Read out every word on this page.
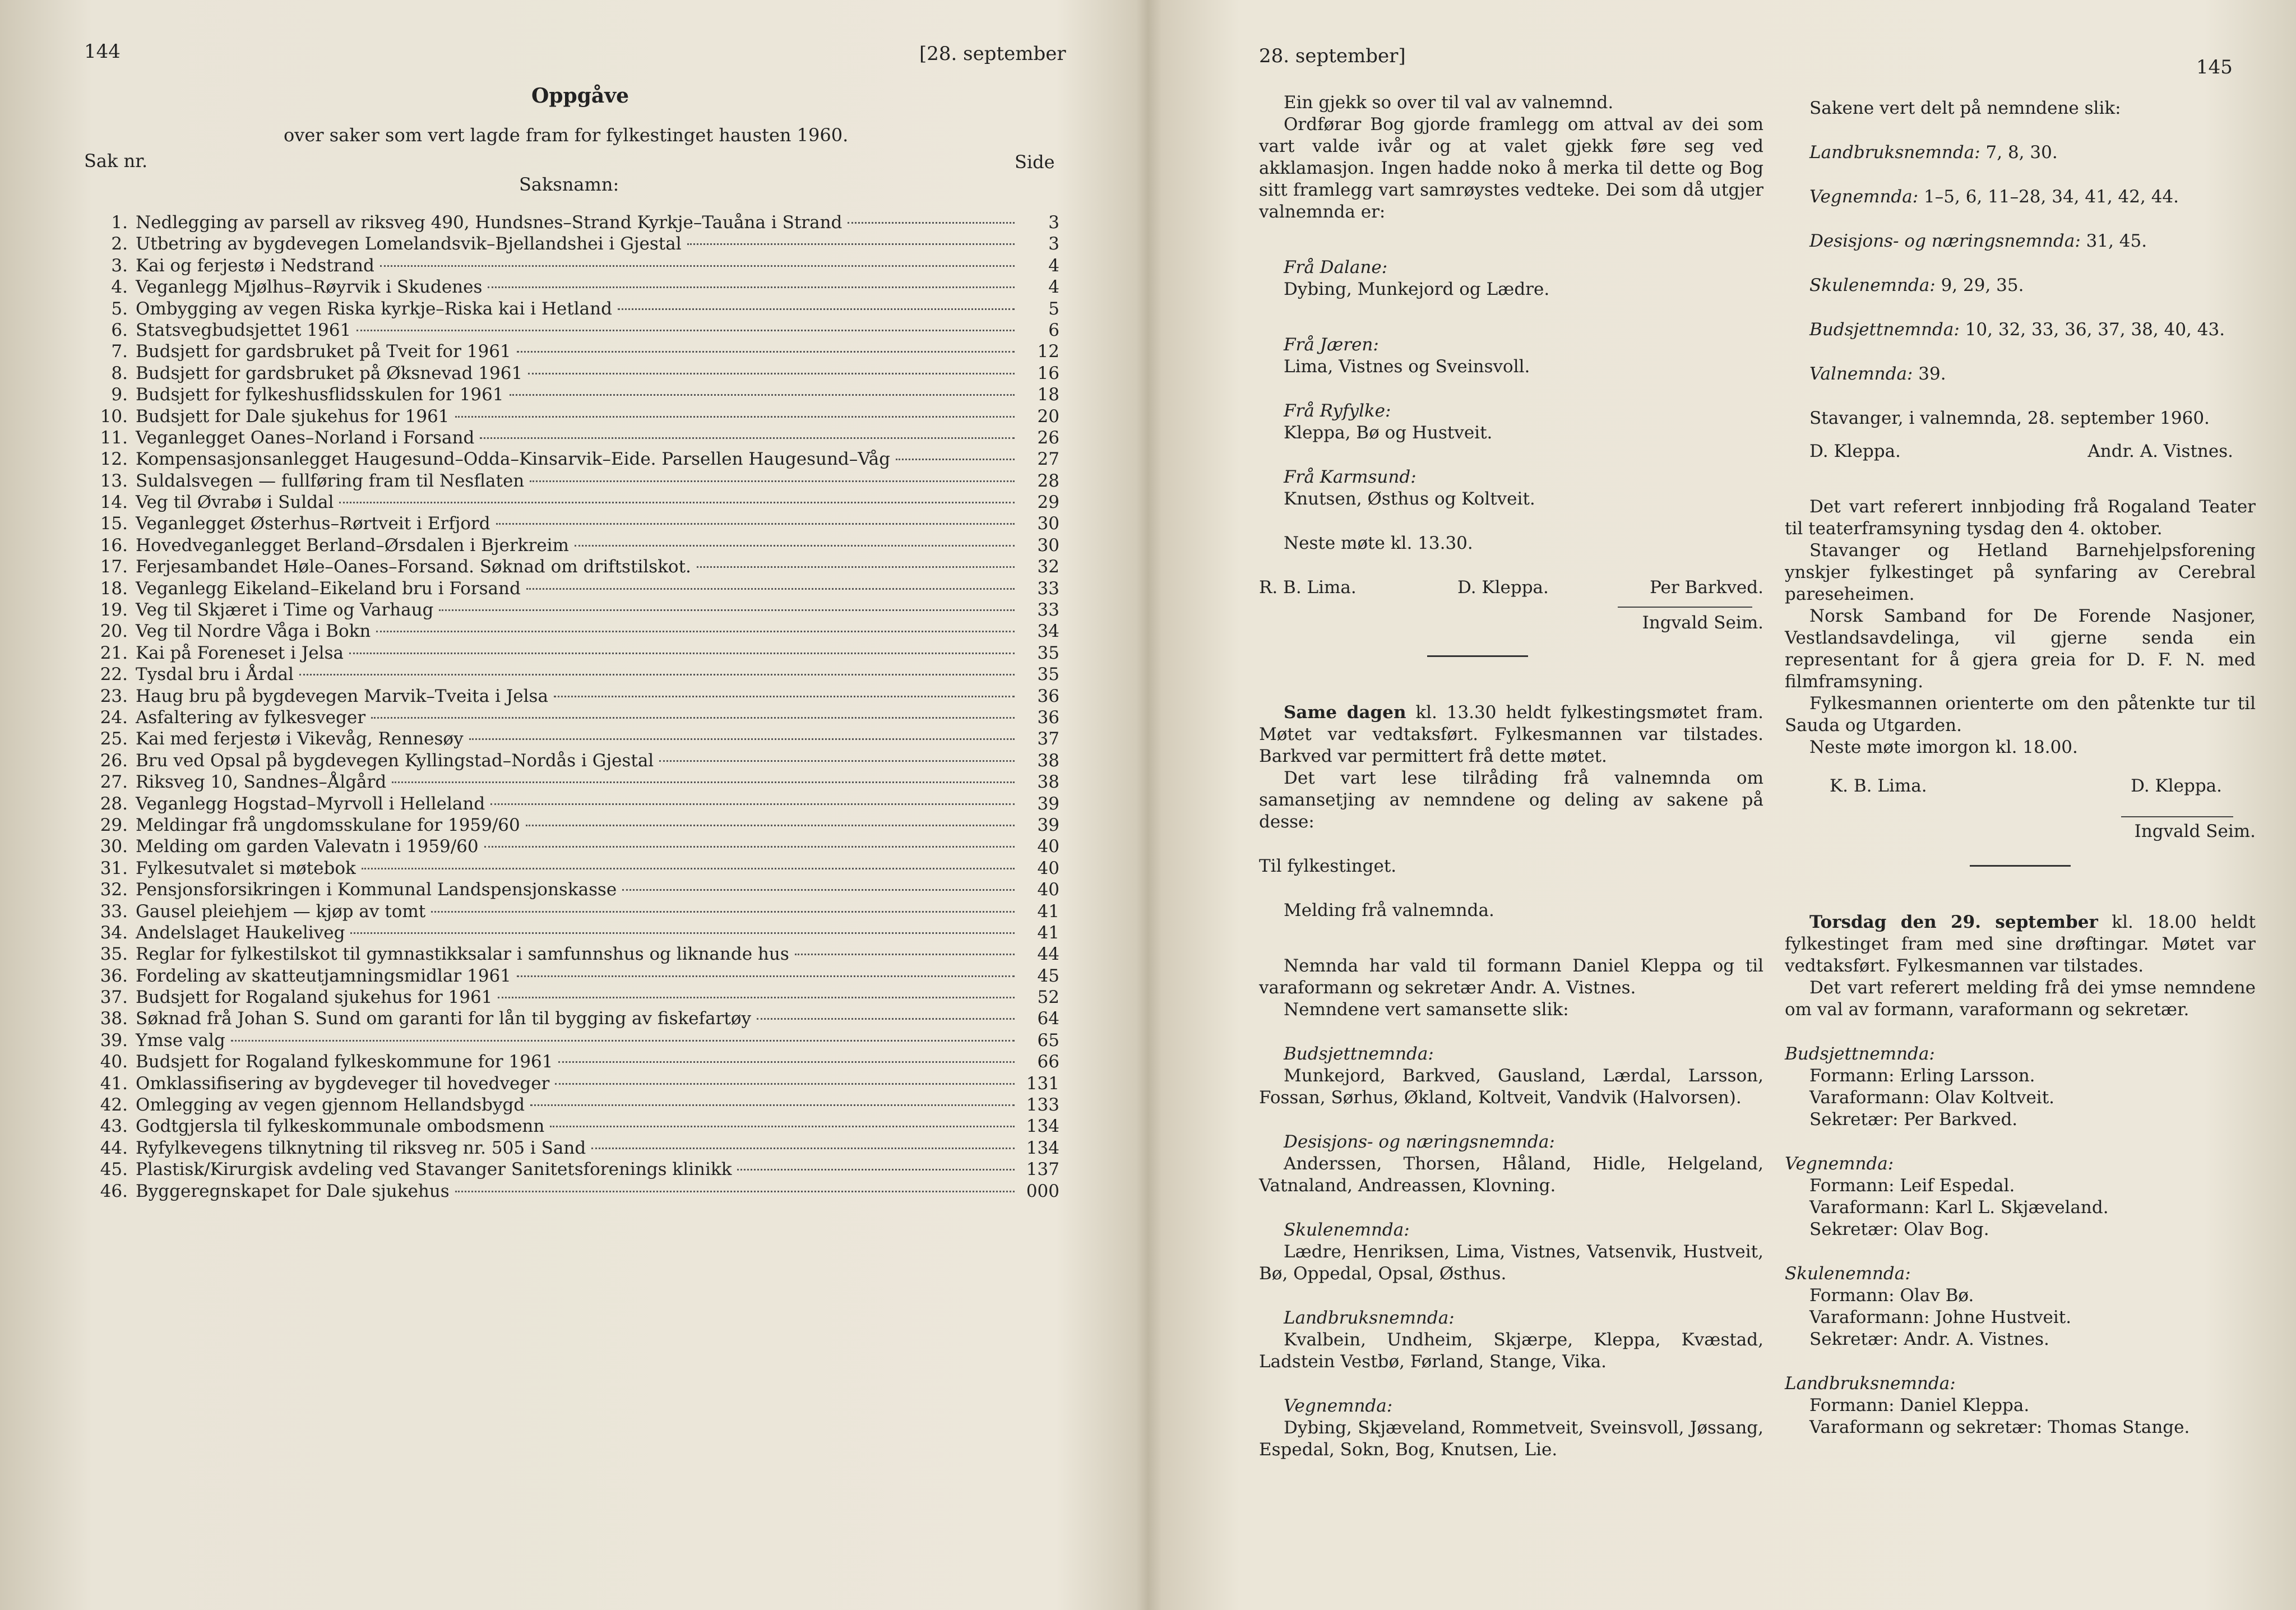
144	[28. september
Oppgåve
over saker som vert lagde fram for fylkestinget hausten 1960.
Sak nr.	Side
Saksnamn:
1. Nedlegging av parsell av riksveg 490, Hundsnes–Strand Kyrkje–Tauåna i Strand	3
2. Utbetring av bygdevegen Lomelandsvik–Bjellandshei i Gjestal	3
3. Kai og ferjestø i Nedstrand	4
4. Veganlegg Mjølhus–Røyrvik i Skudenes	4
5. Ombygging av vegen Riska kyrkje–Riska kai i Hetland	5
6. Statsvegbudsjettet 1961	6
7. Budsjett for gardsbruket på Tveit for 1961	12
8. Budsjett for gardsbruket på Øksnevad 1961	16
9. Budsjett for fylkeshusflidsskulen for 1961	18
10. Budsjett for Dale sjukehus for 1961	20
11. Veganlegget Oanes–Norland i Forsand	26
12. Kompensasjonsanlegget Haugesund–Odda–Kinsarvik–Eide. Parsellen Haugesund–Våg	27
13. Suldalsvegen — fullføring fram til Nesflaten	28
14. Veg til Øvrabø i Suldal	29
15. Veganlegget Østerhus–Rørtveit i Erfjord	30
16. Hovedveganlegget Berland–Ørsdalen i Bjerkreim	30
17. Ferjesambandet Høle–Oanes–Forsand. Søknad om driftstilskot.	32
18. Veganlegg Eikeland–Eikeland bru i Forsand	33
19. Veg til Skjæret i Time og Varhaug	33
20. Veg til Nordre Våga i Bokn	34
21. Kai på Foreneset i Jelsa	35
22. Tysdal bru i Årdal	35
23. Haug bru på bygdevegen Marvik–Tveita i Jelsa	36
24. Asfaltering av fylkesveger	36
25. Kai med ferjestø i Vikevåg, Rennesøy	37
26. Bru ved Opsal på bygdevegen Kyllingstad–Nordås i Gjestal	38
27. Riksveg 10, Sandnes–Ålgård	38
28. Veganlegg Hogstad–Myrvoll i Helleland	39
29. Meldingar frå ungdomsskulane for 1959/60	39
30. Melding om garden Valevatn i 1959/60	40
31. Fylkesutvalet si møtebok	40
32. Pensjonsforsikringen i Kommunal Landspensjonskasse	40
33. Gausel pleiehjem — kjøp av tomt	41
34. Andelslaget Haukeliveg	41
35. Reglar for fylkestilskot til gymnastikksalar i samfunnshus og liknande hus	44
36. Fordeling av skatteutjamningsmidlar 1961	45
37. Budsjett for Rogaland sjukehus for 1961	52
38. Søknad frå Johan S. Sund om garanti for lån til bygging av fiskefartøy	64
39. Ymse valg	65
40. Budsjett for Rogaland fylkeskommune for 1961	66
41. Omklassifisering av bygdeveger til hovedveger	131
42. Omlegging av vegen gjennom Hellandsbygd	133
43. Godtgjersla til fylkeskommunale ombodsmenn	134
44. Ryfylkevegens tilknytning til riksveg nr. 505 i Sand	134
45. Plastisk/Kirurgisk avdeling ved Stavanger Sanitetsforenings klinikk	137
46. Byggeregnskapet for Dale sjukehus	000
28. september]	145

Ein gjekk so over til val av valnemnd.

Ordførar Bog gjorde framlegg om attval av dei som vart valde ivår og at valet gjekk føre seg ved akklamasjon. Ingen hadde noko å merka til dette og Bog sitt framlegg vart samrøystes vedteke. Dei som då utgjer valnemnda er:

Frå Dalane:

Dybing, Munkejord og Lædre.

Frå Jæren:

Lima, Vistnes og Sveinsvoll.

Frå Ryfylke:

Kleppa, Bø og Hustveit.

Frå Karmsund:

Knutsen, Østhus og Koltveit.

Neste møte kl. 13.30.

R. B. Lima.	D. Kleppa.	Per Barkved.

Ingvald Seim.

Same dagen kl. 13.30 heldt fylkestingsmøtet fram. Møtet var vedtaksført. Fylkesmannen var tilstades. Barkved var permittert frå dette møtet.

Det vart lese tilråding frå valnemnda om samansetjing av nemndene og deling av sakene på desse:

Til fylkestinget.

Melding frå valnemnda.

Nemnda har vald til formann Daniel Kleppa og til varaformann og sekretær Andr. A. Vistnes.

Nemndene vert samansette slik:

Budsjettnemnda:

Munkejord, Barkved, Gausland, Lærdal, Larsson, Fossan, Sørhus, Økland, Koltveit, Vandvik (Halvorsen).

Desisjons- og næringsnemnda:

Anderssen, Thorsen, Håland, Hidle, Helgeland, Vatnaland, Andreassen, Klovning.

Skulenemnda:

Lædre, Henriksen, Lima, Vistnes, Vatsenvik, Hustveit, Bø, Oppedal, Opsal, Østhus.

Landbruksnemnda:

Kvalbein, Undheim, Skjærpe, Kleppa, Kvæstad, Ladstein Vestbø, Førland, Stange, Vika.

Vegnemnda:

Dybing, Skjæveland, Rommetveit, Sveinsvoll, Jøssang, Espedal, Sokn, Bog, Knutsen, Lie.

Sakene vert delt på nemndene slik:

Landbruksnemnda: 7, 8, 30.

Vegnemnda: 1–5, 6, 11–28, 34, 41, 42, 44.

Desisjons- og næringsnemnda: 31, 45.

Skulenemnda: 9, 29, 35.

Budsjettnemnda: 10, 32, 33, 36, 37, 38, 40, 43.

Valnemnda: 39.

Stavanger, i valnemnda, 28. september 1960.

D. Kleppa.	Andr. A. Vistnes.

Det vart referert innbjoding frå Rogaland Teater til teaterframsyning tysdag den 4. oktober.

Stavanger og Hetland Barnehjelpsforening ynskjer fylkestinget på synfaring av Cerebral pareseheimen.

Norsk Samband for De Forende Nasjoner, Vestlandsavdelinga, vil gjerne senda ein representant for å gjera greia for D. F. N. med filmframsyning.

Fylkesmannen orienterte om den påtenkte tur til Sauda og Utgarden.

Neste møte imorgon kl. 18.00.

K. B. Lima.	D. Kleppa.

Ingvald Seim.

Torsdag den 29. september kl. 18.00 heldt fylkestinget fram med sine drøftingar. Møtet var vedtaksført. Fylkesmannen var tilstades.

Det vart referert melding frå dei ymse nemndene om val av formann, varaformann og sekretær.

Budsjettnemnda:

Formann: Erling Larsson.

Varaformann: Olav Koltveit.

Sekretær: Per Barkved.

Vegnemnda:

Formann: Leif Espedal.

Varaformann: Karl L. Skjæveland.

Sekretær: Olav Bog.

Skulenemnda:

Formann: Olav Bø.

Varaformann: Johne Hustveit.

Sekretær: Andr. A. Vistnes.

Landbruksnemnda:

Formann: Daniel Kleppa.

Varaformann og sekretær: Thomas Stange.
